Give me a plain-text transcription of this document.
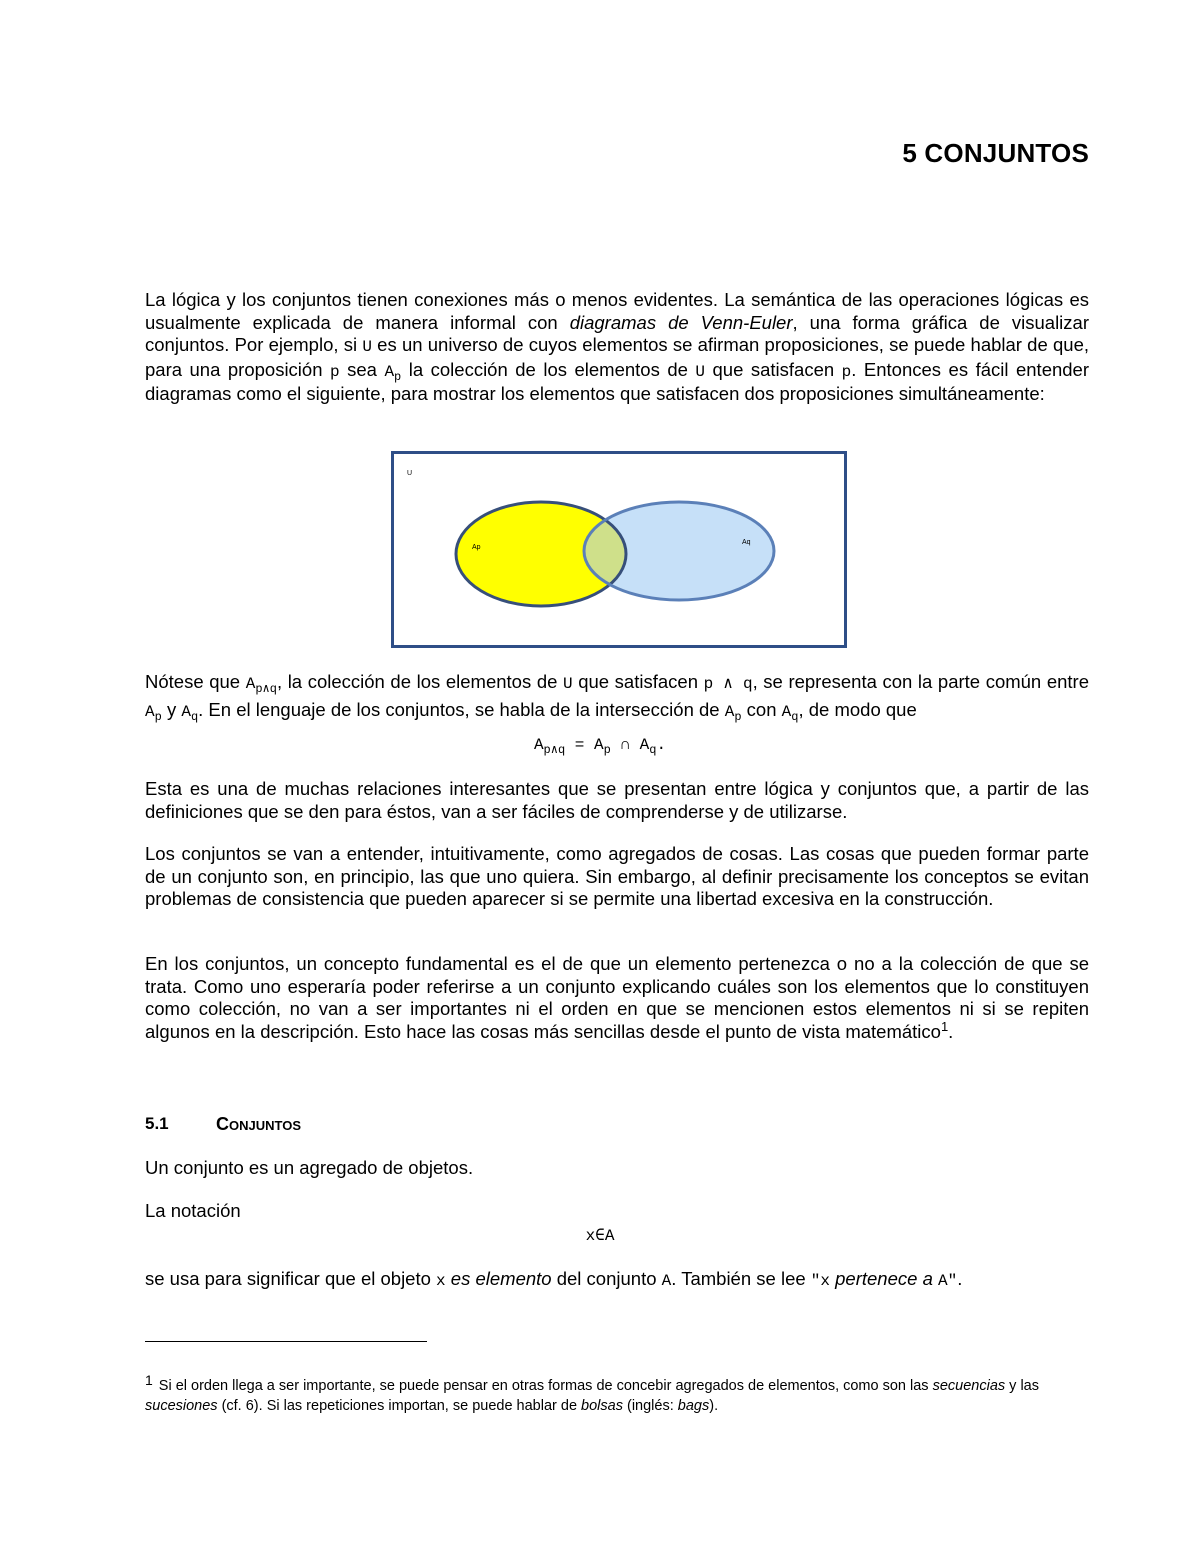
5 CONJUNTOS

La lógica y los conjuntos tienen conexiones más o menos evidentes. La semántica de las operaciones lógicas es usualmente explicada de manera informal con diagramas de Venn-Euler, una forma gráfica de visualizar conjuntos. Por ejemplo, si U es un universo de cuyos elementos se afirman proposiciones, se puede hablar de que, para una proposición p sea $A_p$ la colección de los elementos de U que satisfacen p. Entonces es fácil entender diagramas como el siguiente, para mostrar los elementos que satisfacen dos proposiciones simultáneamente:

U
Ap
Aq

Nótese que $A_{p\wedge q}$, la colección de los elementos de U que satisfacen p ∧ q, se representa con la parte común entre $A_p$ y $A_q$. En el lenguaje de los conjuntos, se habla de la intersección de $A_p$ con $A_q$, de modo que

$A_{p\wedge q} = A_p$ ∩ $A_q$.

Esta es una de muchas relaciones interesantes que se presentan entre lógica y conjuntos que, a partir de las definiciones que se den para éstos, van a ser fáciles de comprenderse y de utilizarse.

Los conjuntos se van a entender, intuitivamente, como agregados de cosas. Las cosas que pueden formar parte de un conjunto son, en principio, las que uno quiera. Sin embargo, al definir precisamente los conceptos se evitan problemas de consistencia que pueden aparecer si se permite una libertad excesiva en la construcción.

En los conjuntos, un concepto fundamental es el de que un elemento pertenezca o no a la colección de que se trata. Como uno esperaría poder referirse a un conjunto explicando cuáles son los elementos que lo constituyen como colección, no van a ser importantes ni el orden en que se mencionen estos elementos ni si se repiten algunos en la descripción. Esto hace las cosas más sencillas desde el punto de vista matemático$^1$.

5.1	Conjuntos

Un conjunto es un agregado de objetos.

La notación

x∈A

se usa para significar que el objeto x es elemento del conjunto A. También se lee "x pertenece a A".

$^1$ Si el orden llega a ser importante, se puede pensar en otras formas de concebir agregados de elementos, como son las secuencias y las sucesiones (cf. 6). Si las repeticiones importan, se puede hablar de bolsas (inglés: bags).
